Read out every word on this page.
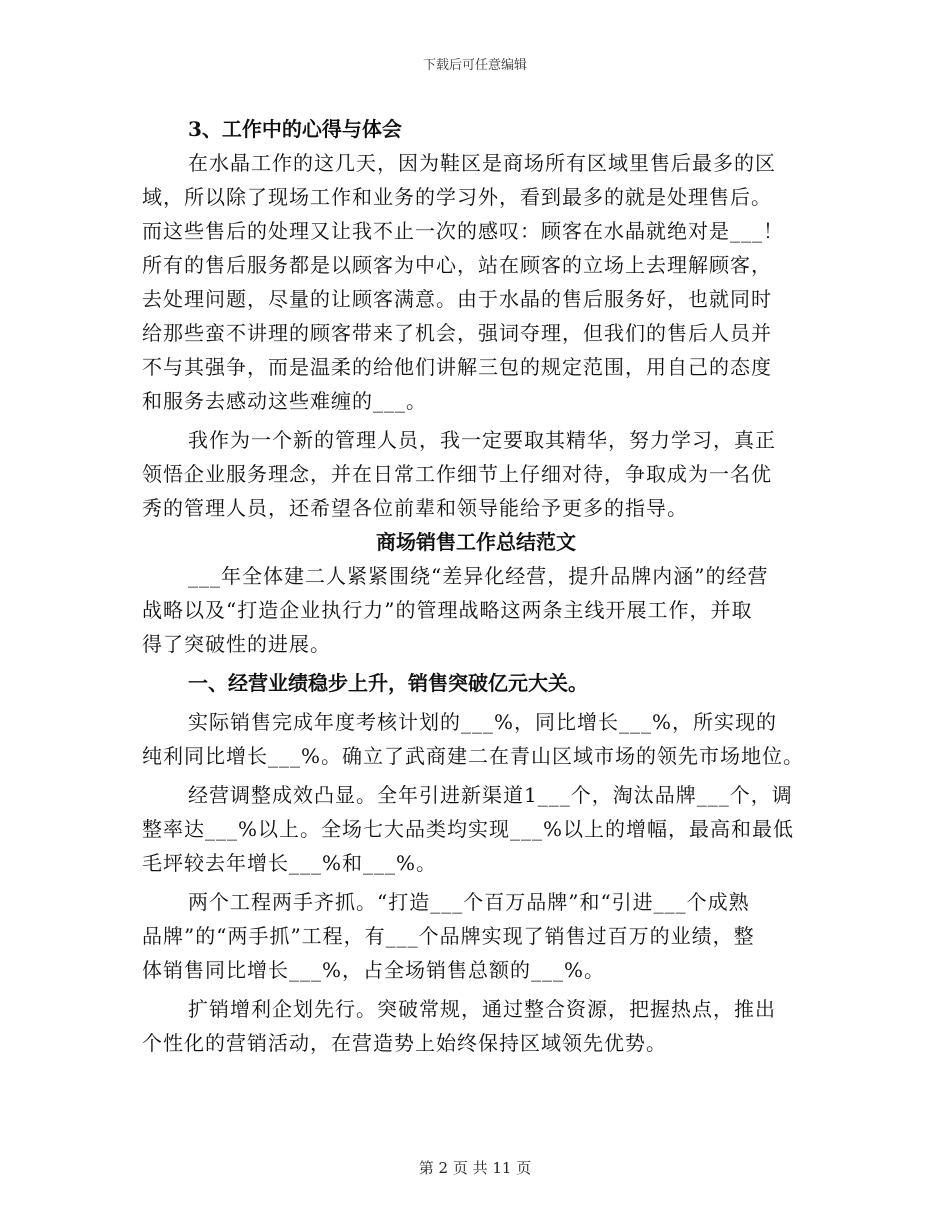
下载后可任意编辑

3、工作中的心得与体会

在水晶工作的这几天，因为鞋区是商场所有区域里售后最多的区

域，所以除了现场工作和业务的学习外，看到最多的就是处理售后。

而这些售后的处理又让我不止一次的感叹：顾客在水晶就绝对是___！

所有的售后服务都是以顾客为中心，站在顾客的立场上去理解顾客，

去处理问题，尽量的让顾客满意。由于水晶的售后服务好，也就同时

给那些蛮不讲理的顾客带来了机会，强词夺理，但我们的售后人员并

不与其强争，而是温柔的给他们讲解三包的规定范围，用自己的态度

和服务去感动这些难缠的___。

我作为一个新的管理人员，我一定要取其精华，努力学习，真正

领悟企业服务理念，并在日常工作细节上仔细对待，争取成为一名优

秀的管理人员，还希望各位前辈和领导能给予更多的指导。

商场销售工作总结范文

___年全体建二人紧紧围绕“差异化经营，提升品牌内涵”的经营

战略以及“打造企业执行力”的管理战略这两条主线开展工作，并取

得了突破性的进展。

一、经营业绩稳步上升，销售突破亿元大关。

实际销售完成年度考核计划的___%，同比增长___%，所实现的

纯利同比增长___%。确立了武商建二在青山区域市场的领先市场地位。

经营调整成效凸显。全年引进新渠道1___个，淘汰品牌___个，调

整率达___%以上。全场七大品类均实现___%以上的增幅，最高和最低

毛坪较去年增长___%和___%。

两个工程两手齐抓。“打造___个百万品牌”和“引进___个成熟

品牌”的“两手抓”工程，有___个品牌实现了销售过百万的业绩，整

体销售同比增长___%，占全场销售总额的___%。

扩销增利企划先行。突破常规，通过整合资源，把握热点，推出

个性化的营销活动，在营造势上始终保持区域领先优势。

第 2 页 共 11 页
